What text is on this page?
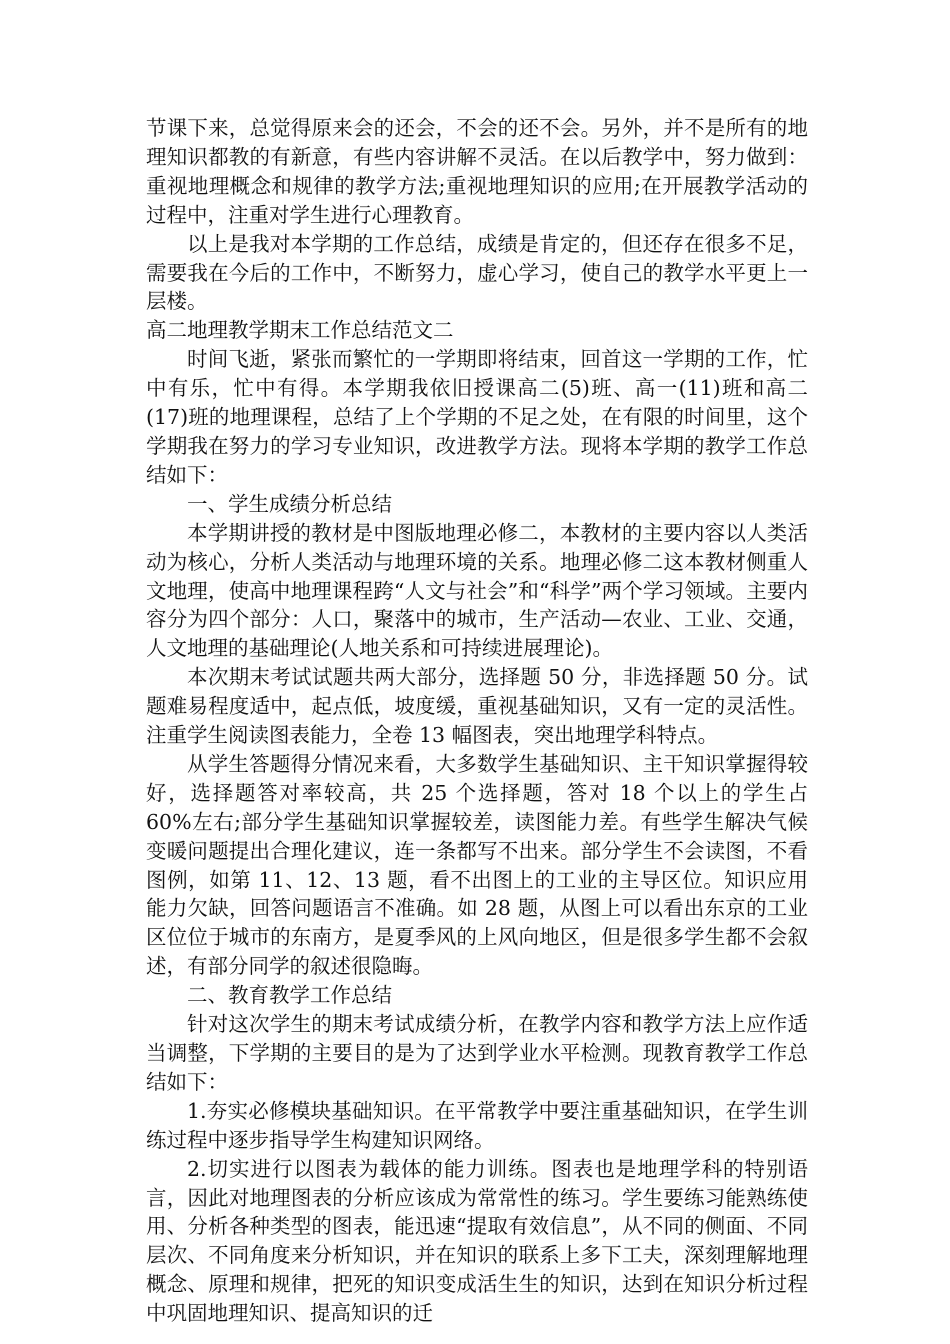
节课下来，总觉得原来会的还会，不会的还不会。另外，并不是所有的地理知识都教的有新意，有些内容讲解不灵活。在以后教学中，努力做到：重视地理概念和规律的教学方法;重视地理知识的应用;在开展教学活动的过程中，注重对学生进行心理教育。

以上是我对本学期的工作总结，成绩是肯定的，但还存在很多不足，需要我在今后的工作中，不断努力，虚心学习，使自己的教学水平更上一层楼。

高二地理教学期末工作总结范文二

时间飞逝，紧张而繁忙的一学期即将结束，回首这一学期的工作，忙中有乐，忙中有得。本学期我依旧授课高二(5)班、高一(11)班和高二(17)班的地理课程，总结了上个学期的不足之处，在有限的时间里，这个学期我在努力的学习专业知识，改进教学方法。现将本学期的教学工作总结如下：

一、学生成绩分析总结

本学期讲授的教材是中图版地理必修二，本教材的主要内容以人类活动为核心，分析人类活动与地理环境的关系。地理必修二这本教材侧重人文地理，使高中地理课程跨“人文与社会”和“科学”两个学习领域。主要内容分为四个部分：人口，聚落中的城市，生产活动—农业、工业、交通，人文地理的基础理论(人地关系和可持续进展理论)。

本次期末考试试题共两大部分，选择题 50 分，非选择题 50 分。试题难易程度适中，起点低，坡度缓，重视基础知识，又有一定的灵活性。注重学生阅读图表能力，全卷 13 幅图表，突出地理学科特点。

从学生答题得分情况来看，大多数学生基础知识、主干知识掌握得较好，选择题答对率较高，共 25 个选择题，答对 18 个以上的学生占 60%左右;部分学生基础知识掌握较差，读图能力差。有些学生解决气候变暖问题提出合理化建议，连一条都写不出来。部分学生不会读图，不看图例，如第 11、12、13 题，看不出图上的工业的主导区位。知识应用能力欠缺，回答问题语言不准确。如 28 题，从图上可以看出东京的工业区位位于城市的东南方，是夏季风的上风向地区，但是很多学生都不会叙述，有部分同学的叙述很隐晦。

二、教育教学工作总结

针对这次学生的期末考试成绩分析，在教学内容和教学方法上应作适当调整，下学期的主要目的是为了达到学业水平检测。现教育教学工作总结如下：

1.夯实必修模块基础知识。在平常教学中要注重基础知识，在学生训练过程中逐步指导学生构建知识网络。

2.切实进行以图表为载体的能力训练。图表也是地理学科的特别语言，因此对地理图表的分析应该成为常常性的练习。学生要练习能熟练使用、分析各种类型的图表，能迅速“提取有效信息”，从不同的侧面、不同层次、不同角度来分析知识，并在知识的联系上多下工夫，深刻理解地理概念、原理和规律，把死的知识变成活生生的知识，达到在知识分析过程中巩固地理知识、提高知识的迁
